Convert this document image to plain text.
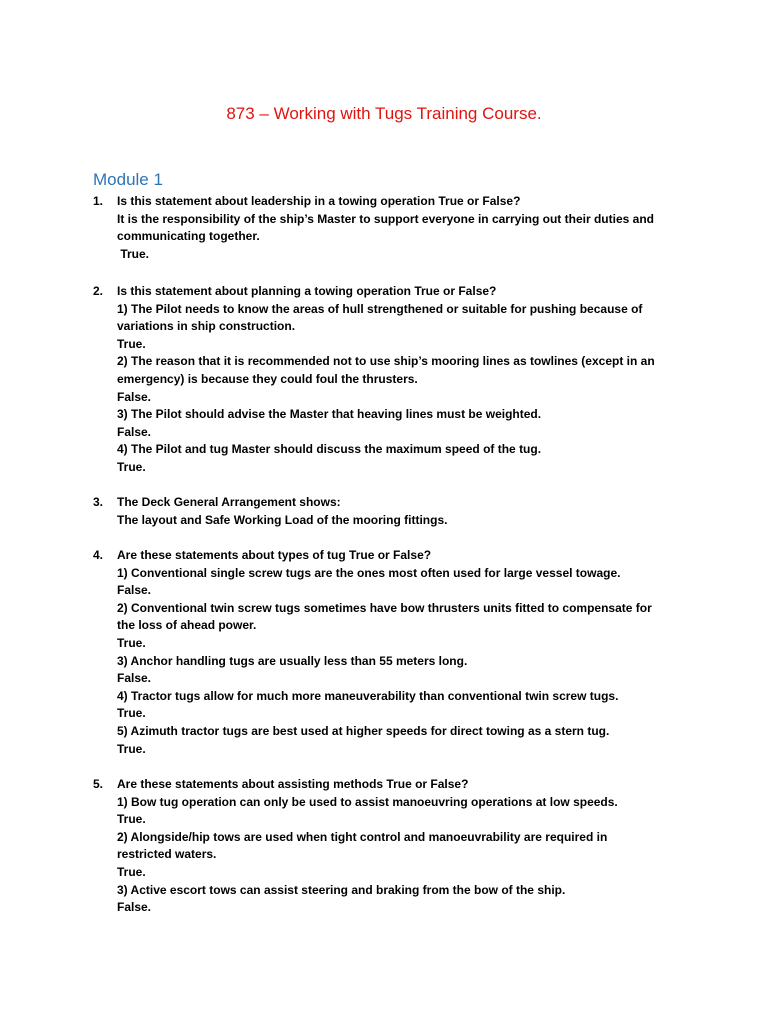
873 – Working with Tugs Training Course.
Module 1
1. Is this statement about leadership in a towing operation True or False?
It is the responsibility of the ship’s Master to support everyone in carrying out their duties and
communicating together.
True.
2. Is this statement about planning a towing operation True or False?
1) The Pilot needs to know the areas of hull strengthened or suitable for pushing because of
variations in ship construction.
True.
2) The reason that it is recommended not to use ship’s mooring lines as towlines (except in an
emergency) is because they could foul the thrusters.
False.
3) The Pilot should advise the Master that heaving lines must be weighted.
False.
4) The Pilot and tug Master should discuss the maximum speed of the tug.
True.
3. The Deck General Arrangement shows:
The layout and Safe Working Load of the mooring fittings.
4. Are these statements about types of tug True or False?
1) Conventional single screw tugs are the ones most often used for large vessel towage.
False.
2) Conventional twin screw tugs sometimes have bow thrusters units fitted to compensate for
the loss of ahead power.
True.
3) Anchor handling tugs are usually less than 55 meters long.
False.
4) Tractor tugs allow for much more maneuverability than conventional twin screw tugs.
True.
5) Azimuth tractor tugs are best used at higher speeds for direct towing as a stern tug.
True.
5. Are these statements about assisting methods True or False?
1) Bow tug operation can only be used to assist manoeuvring operations at low speeds.
True.
2) Alongside/hip tows are used when tight control and manoeuvrability are required in
restricted waters.
True.
3) Active escort tows can assist steering and braking from the bow of the ship.
False.
